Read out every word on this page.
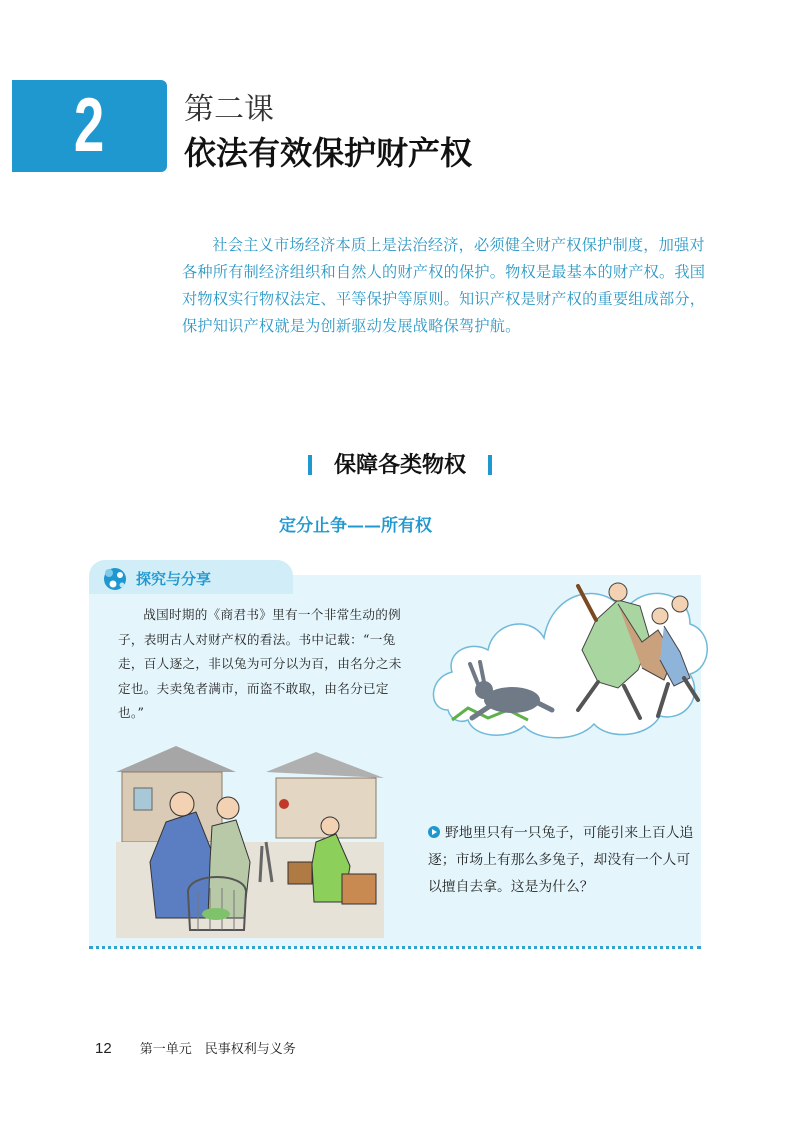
2	第二课
依法有效保护财产权

社会主义市场经济本质上是法治经济，必须健全财产权保护制度，加强对各种所有制经济组织和自然人的财产权的保护。物权是最基本的财产权。我国对物权实行物权法定、平等保护等原则。知识产权是财产权的重要组成部分，保护知识产权就是为创新驱动发展战略保驾护航。

保障各类物权
定分止争——所有权
探究与分享

战国时期的《商君书》里有一个非常生动的例子，表明古人对财产权的看法。书中记载：“一兔走，百人逐之，非以兔为可分以为百，由名分之未定也。夫卖兔者满市，而盗不敢取，由名分已定也。”

野地里只有一只兔子，可能引来上百人追逐；市场上有那么多兔子，却没有一个人可以擅自去拿。这是为什么？

12 第一单元　民事权利与义务
